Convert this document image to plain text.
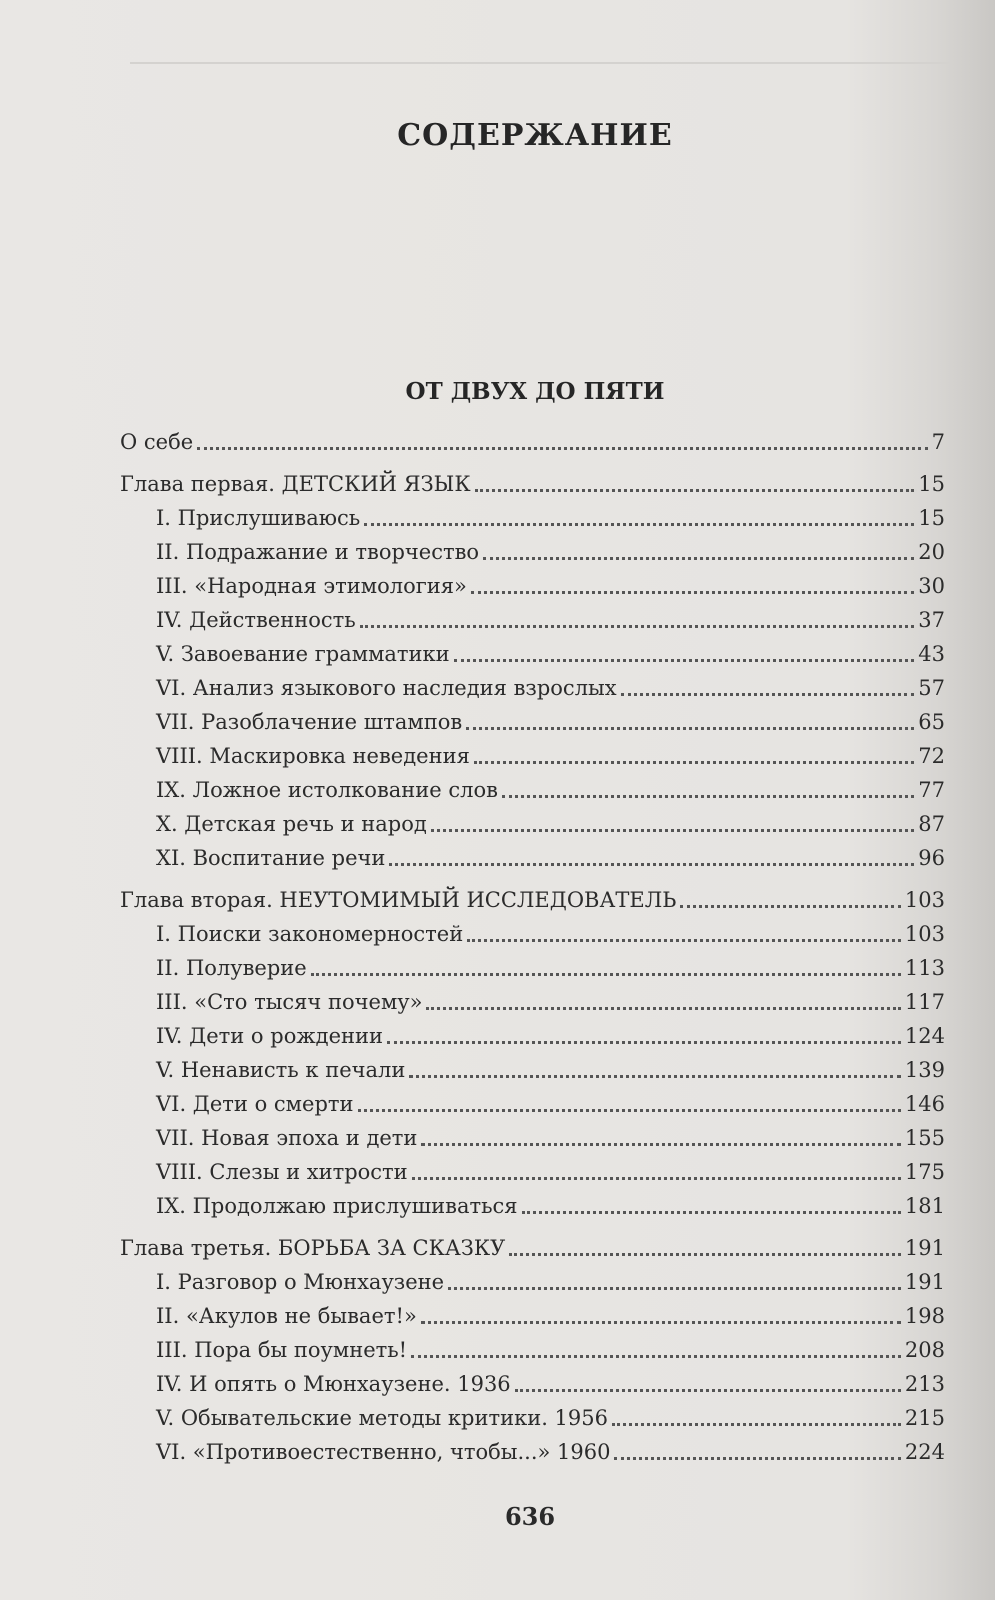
СОДЕРЖАНИЕ
ОТ ДВУХ ДО ПЯТИ
О себе	7
Глава первая. ДЕТСКИЙ ЯЗЫК	15
I. Прислушиваюсь	15
II. Подражание и творчество	20
III. «Народная этимология»	30
IV. Действенность	37
V. Завоевание грамматики	43
VI. Анализ языкового наследия взрослых	57
VII. Разоблачение штампов	65
VIII. Маскировка неведения	72
IX. Ложное истолкование слов	77
X. Детская речь и народ	87
XI. Воспитание речи	96
Глава вторая. НЕУТОМИМЫЙ ИССЛЕДОВАТЕЛЬ	103
I. Поиски закономерностей	103
II. Полуверие	113
III. «Сто тысяч почему»	117
IV. Дети о рождении	124
V. Ненависть к печали	139
VI. Дети о смерти	146
VII. Новая эпоха и дети	155
VIII. Слезы и хитрости	175
IX. Продолжаю прислушиваться	181
Глава третья. БОРЬБА ЗА СКАЗКУ	191
I. Разговор о Мюнхаузене	191
II. «Акулов не бывает!»	198
III. Пора бы поумнеть!	208
IV. И опять о Мюнхаузене. 1936	213
V. Обывательские методы критики. 1956	215
VI. «Противоестественно, чтобы...» 1960	224
636
